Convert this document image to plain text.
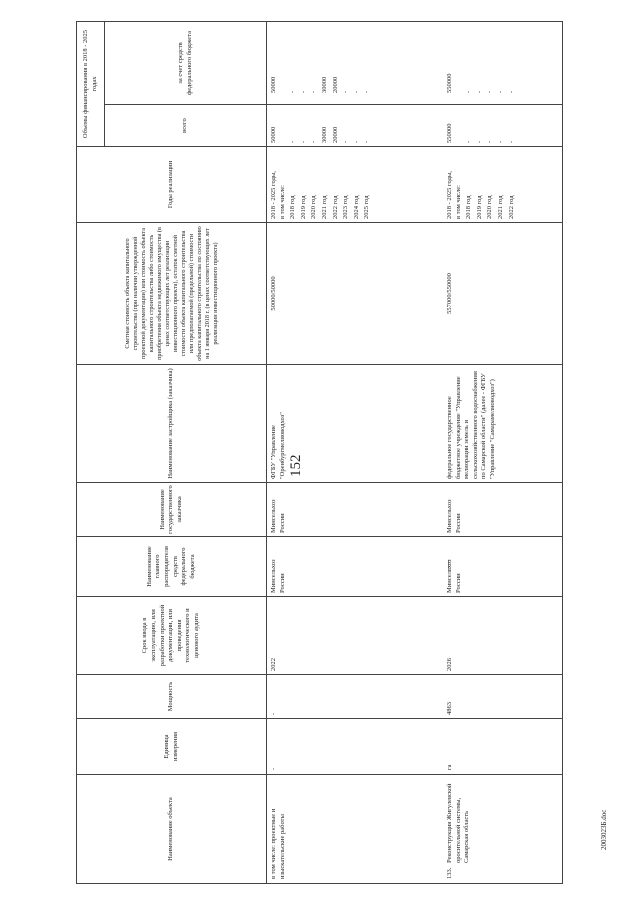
152
Наименование объекта
Единица измерения
Мощность
Срок ввода в эксплуатацию, или разработки проектной документации, или проведения технологического и ценового аудита
Наименование главного распорядителя средств федерального бюджета
Наименование государственного заказчика
Наименование застройщика (заказчика)
Сметная стоимость объекта капитального строительства (при наличии утвержденной проектной документации) или стоимость объекта капитального строительства либо стоимость приобретения объекта недвижимого имущества (в ценах соответствующих лет реализации инвестиционного проекта), остаток сметной стоимости объекта капитального строительства или предполагаемой (предельной) стоимости объекта капитального строительства по состоянию на 1 января 2018 г. (в ценах соответствующих лет реализации инвестиционного проекта)
Годы реализации
Объемы финансирования в 2018 - 2025 годах
всего
за счет средств федерального бюджета
в том числе: проектные и изыскательские работы
-
-
2022
Минсельхоз России
Минсельхоз России
ФГБУ "Управление "Оренбургмелиоводхоз"
50000/50000
2018 - 2025 годы, в том числе: 2018 год 2019 год 2020 год 2021 год 2022 год 2023 год 2024 год 2025 год
50000 - - - 30000 20000 - - -
50000 - - - 30000 20000 - - -
133.
Реконструкция Жигулевской оросительной системы, Самарская область
га
4863
2026
Минсельхоз России
Минсельхоз России
федеральное государственное бюджетное учреждение "Управление мелиорации земель и сельскохозяйственного водоснабжения по Самарской области" (далее - ФГБУ "Управление "Самарамелиоводхоз")
557000/550000
2018 - 2025 годы, в том числе: 2018 год 2019 год 2020 год 2021 год 2022 год
550000 - - - - -
550000 - - - - -
2003023Б.doc
